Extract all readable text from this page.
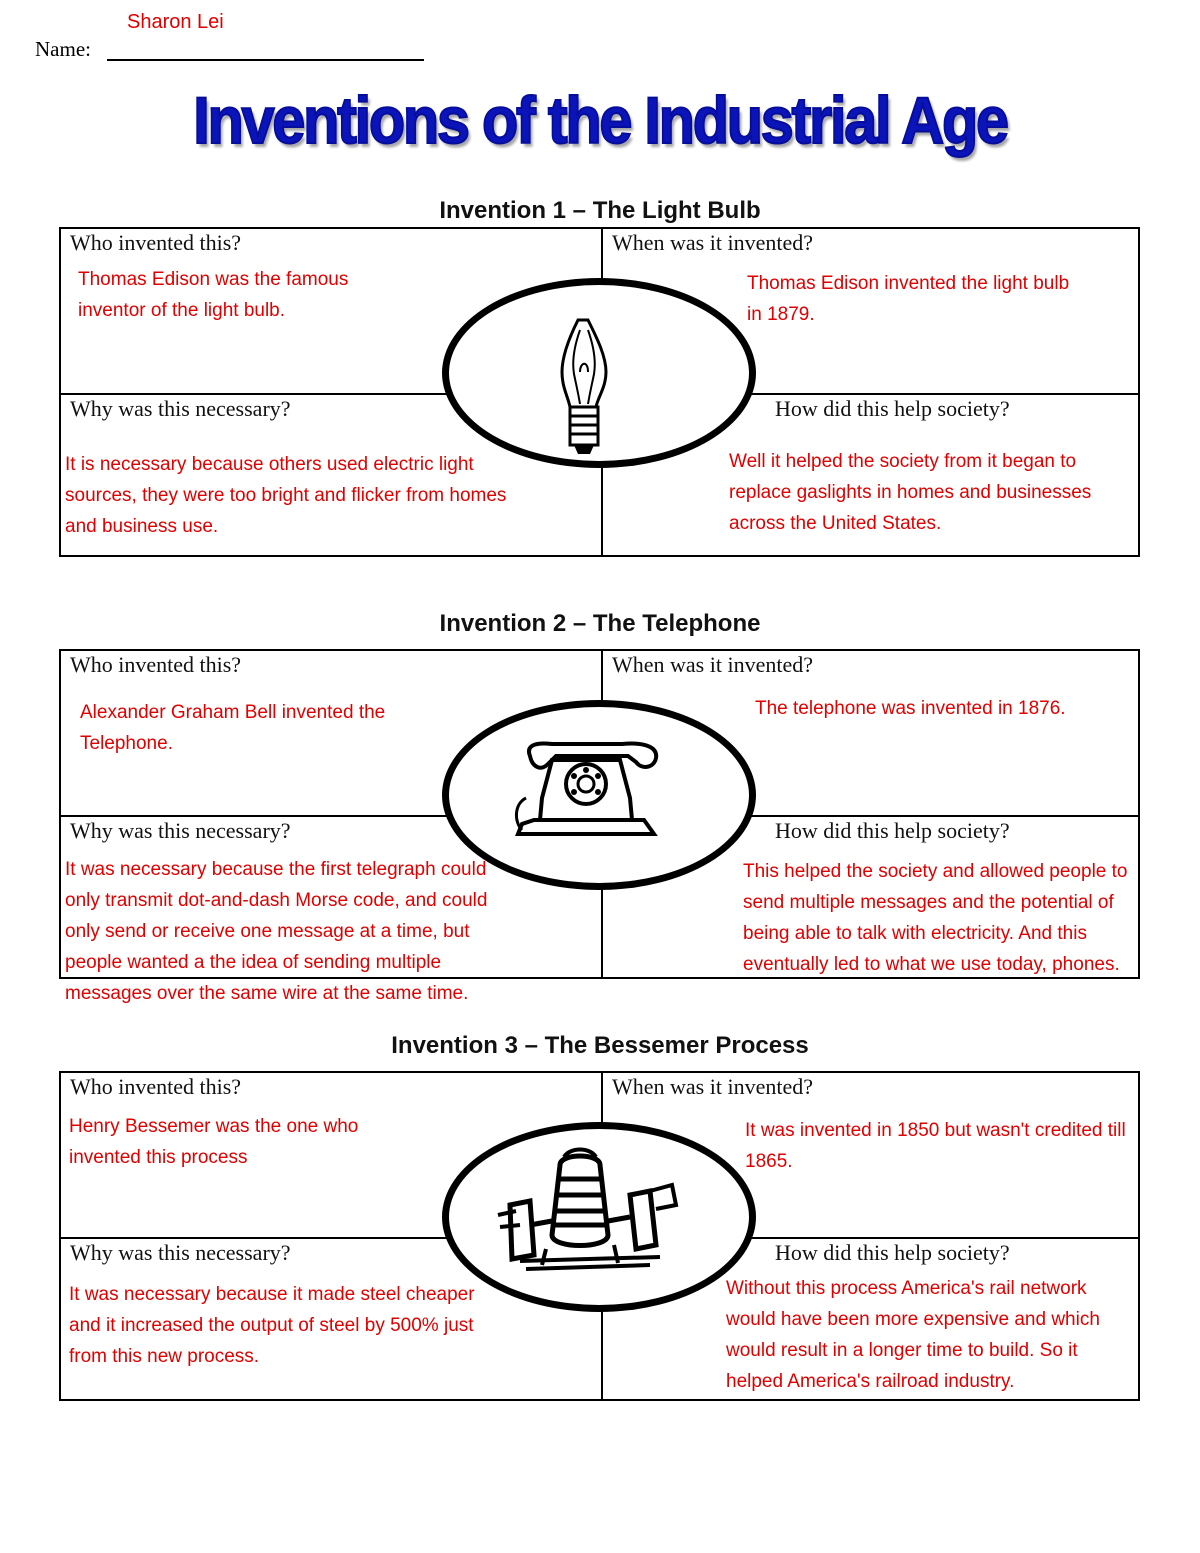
Sharon Lei
Name:
Inventions of the Industrial Age
Invention 1 – The Light Bulb
Who invented this?
Thomas Edison was the famous inventor of the light bulb.
When was it invented?
Thomas Edison invented the light bulb in 1879.
Why was this necessary?
It is necessary because others used electric light sources, they were too bright and flicker from homes and business use.
How did this help society?
Well it helped the society from it began to replace gaslights in homes and businesses across the United States.
Invention 2 – The Telephone
Who invented this?
Alexander Graham Bell invented the Telephone.
When was it invented?
The telephone was invented in 1876.
Why was this necessary?
It was necessary because the first telegraph could only transmit dot-and-dash Morse code, and could only send or receive one message at a time, but people wanted a the idea of sending multiple messages over the same wire at the same time.
How did this help society?
This helped the society and allowed people to send multiple messages and the potential of being able to talk with electricity. And this eventually led to what we use today, phones.
Invention 3 – The Bessemer Process
Who invented this?
Henry Bessemer was the one who invented this process
When was it invented?
It was invented in 1850 but wasn't credited till 1865.
Why was this necessary?
It was necessary because it made steel cheaper and it increased the output of steel by 500% just from this new process.
How did this help society?
Without this process America's rail network would have been more expensive and which would result in a longer time to build. So it helped America's railroad industry.
